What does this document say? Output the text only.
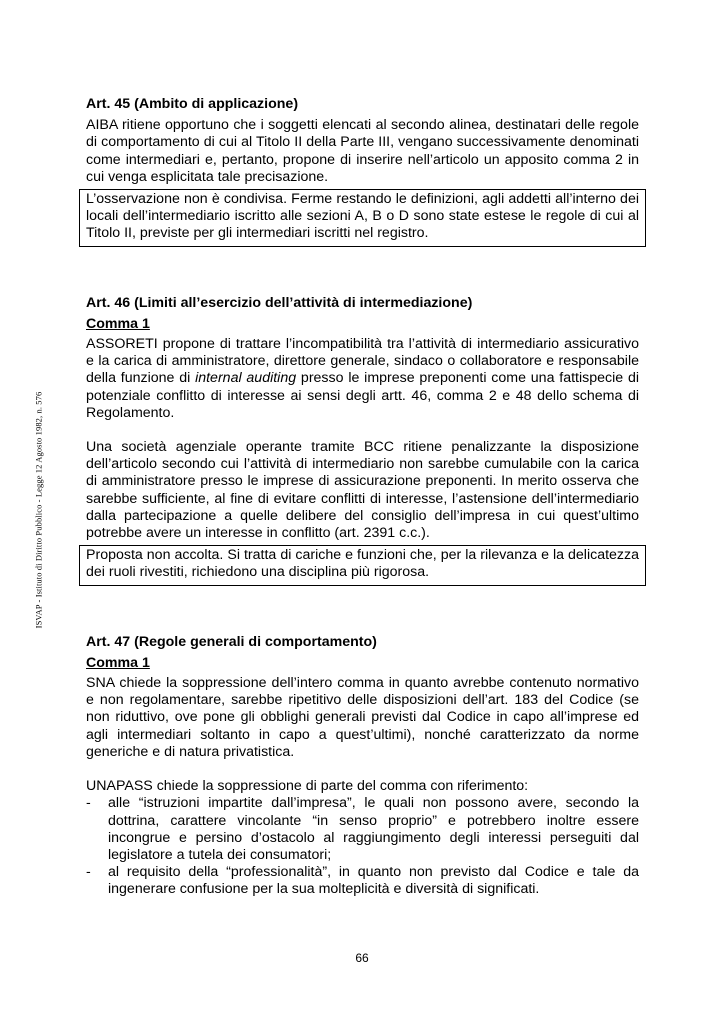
ISVAP - Istituto di Diritto Pubblico - Legge 12 Agosto 1982, n. 576
Art. 45 (Ambito di applicazione)

AIBA ritiene opportuno che i soggetti elencati al secondo alinea, destinatari delle regole di comportamento di cui al Titolo II della Parte III, vengano successivamente denominati come intermediari e, pertanto, propone di inserire nell’articolo un apposito comma 2 in cui venga esplicitata tale precisazione.

L’osservazione non è condivisa. Ferme restando le definizioni, agli addetti all’interno dei locali dell’intermediario iscritto alle sezioni A, B o D sono state estese le regole di cui al Titolo II, previste per gli intermediari iscritti nel registro.
Art. 46 (Limiti all’esercizio dell’attività di intermediazione)
Comma 1

ASSORETI propone di trattare l’incompatibilità tra l’attività di intermediario assicurativo e la carica di amministratore, direttore generale, sindaco o collaboratore e responsabile della funzione di internal auditing presso le imprese preponenti come una fattispecie di potenziale conflitto di interesse ai sensi degli artt. 46, comma 2 e 48 dello schema di Regolamento.

Una società agenziale operante tramite BCC ritiene penalizzante la disposizione dell’articolo secondo cui l’attività di intermediario non sarebbe cumulabile con la carica di amministratore presso le imprese di assicurazione preponenti. In merito osserva che sarebbe sufficiente, al fine di evitare conflitti di interesse, l’astensione dell’intermediario dalla partecipazione a quelle delibere del consiglio dell’impresa in cui quest’ultimo potrebbe avere un interesse in conflitto (art. 2391 c.c.).

Proposta non accolta. Si tratta di cariche e funzioni che, per la rilevanza e la delicatezza dei ruoli rivestiti, richiedono una disciplina più rigorosa.
Art. 47 (Regole generali di comportamento)
Comma 1

SNA chiede la soppressione dell’intero comma in quanto avrebbe contenuto normativo e non regolamentare, sarebbe ripetitivo delle disposizioni dell’art. 183 del Codice (se non riduttivo, ove pone gli obblighi generali previsti dal Codice in capo all’imprese ed agli intermediari soltanto in capo a quest’ultimi), nonché caratterizzato da norme generiche e di natura privatistica.

UNAPASS chiede la soppressione di parte del comma con riferimento:

- alle “istruzioni impartite dall’impresa”, le quali non possono avere, secondo la dottrina, carattere vincolante “in senso proprio” e potrebbero inoltre essere incongrue e persino d’ostacolo al raggiungimento degli interessi perseguiti dal legislatore a tutela dei consumatori;
- al requisito della “professionalità”, in quanto non previsto dal Codice e tale da ingenerare confusione per la sua molteplicità e diversità di significati.
66
